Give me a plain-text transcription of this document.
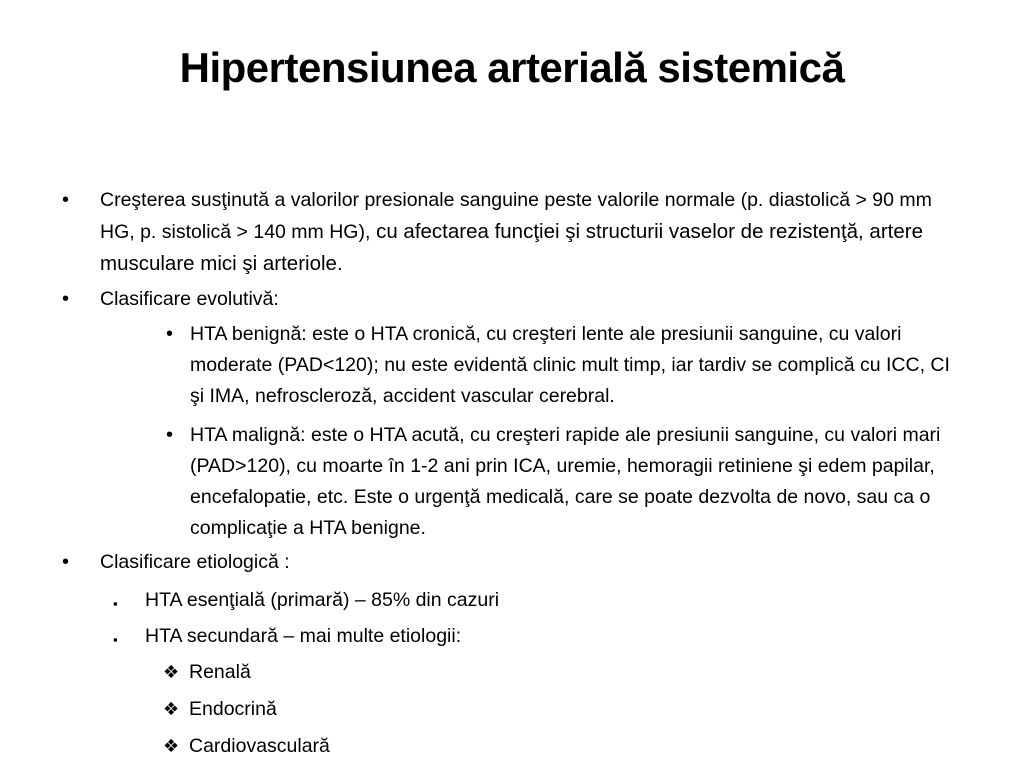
Hipertensiunea arterială sistemică
• Creşterea susţinută a valorilor presionale sanguine peste valorile normale (p. diastolică > 90 mm HG, p. sistolică > 140 mm HG), cu afectarea funcţiei şi structurii vaselor de rezistenţă, artere musculare mici şi arteriole.
• Clasificare evolutivă:
• HTA benignă: este o HTA cronică, cu creşteri lente ale presiunii sanguine, cu valori moderate (PAD<120); nu este evidentă clinic mult timp, iar tardiv se complică cu ICC, CI şi IMA, nefroscleroză, accident vascular cerebral.
• HTA malignă: este o HTA acută, cu creşteri rapide ale presiunii sanguine, cu valori mari (PAD>120), cu moarte în 1-2 ani prin ICA, uremie, hemoragii retiniene şi edem papilar, encefalopatie, etc. Este o urgenţă medicală, care se poate dezvolta de novo, sau ca o complicaţie a HTA benigne.
• Clasificare etiologică :
▪ HTA esenţială (primară) – 85% din cazuri
▪ HTA secundară – mai multe etiologii:
❖ Renală
❖ Endocrină
❖ Cardiovasculară
